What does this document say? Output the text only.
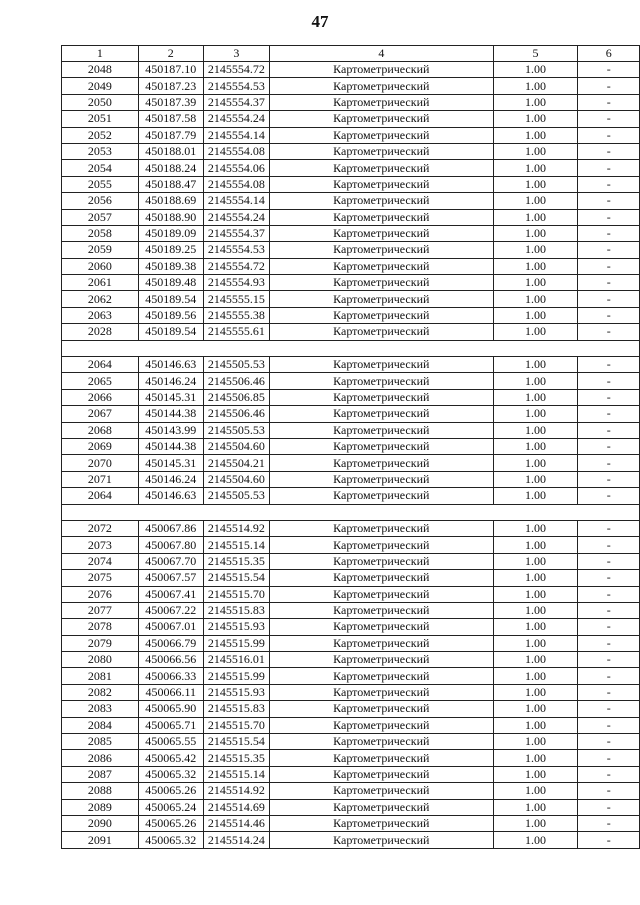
47
1	2	3	4	5	6
2048	450187.10	2145554.72	Картометрический	1.00	-
2049	450187.23	2145554.53	Картометрический	1.00	-
2050	450187.39	2145554.37	Картометрический	1.00	-
2051	450187.58	2145554.24	Картометрический	1.00	-
2052	450187.79	2145554.14	Картометрический	1.00	-
2053	450188.01	2145554.08	Картометрический	1.00	-
2054	450188.24	2145554.06	Картометрический	1.00	-
2055	450188.47	2145554.08	Картометрический	1.00	-
2056	450188.69	2145554.14	Картометрический	1.00	-
2057	450188.90	2145554.24	Картометрический	1.00	-
2058	450189.09	2145554.37	Картометрический	1.00	-
2059	450189.25	2145554.53	Картометрический	1.00	-
2060	450189.38	2145554.72	Картометрический	1.00	-
2061	450189.48	2145554.93	Картометрический	1.00	-
2062	450189.54	2145555.15	Картометрический	1.00	-
2063	450189.56	2145555.38	Картометрический	1.00	-
2028	450189.54	2145555.61	Картометрический	1.00	-

2064	450146.63	2145505.53	Картометрический	1.00	-
2065	450146.24	2145506.46	Картометрический	1.00	-
2066	450145.31	2145506.85	Картометрический	1.00	-
2067	450144.38	2145506.46	Картометрический	1.00	-
2068	450143.99	2145505.53	Картометрический	1.00	-
2069	450144.38	2145504.60	Картометрический	1.00	-
2070	450145.31	2145504.21	Картометрический	1.00	-
2071	450146.24	2145504.60	Картометрический	1.00	-
2064	450146.63	2145505.53	Картометрический	1.00	-

2072	450067.86	2145514.92	Картометрический	1.00	-
2073	450067.80	2145515.14	Картометрический	1.00	-
2074	450067.70	2145515.35	Картометрический	1.00	-
2075	450067.57	2145515.54	Картометрический	1.00	-
2076	450067.41	2145515.70	Картометрический	1.00	-
2077	450067.22	2145515.83	Картометрический	1.00	-
2078	450067.01	2145515.93	Картометрический	1.00	-
2079	450066.79	2145515.99	Картометрический	1.00	-
2080	450066.56	2145516.01	Картометрический	1.00	-
2081	450066.33	2145515.99	Картометрический	1.00	-
2082	450066.11	2145515.93	Картометрический	1.00	-
2083	450065.90	2145515.83	Картометрический	1.00	-
2084	450065.71	2145515.70	Картометрический	1.00	-
2085	450065.55	2145515.54	Картометрический	1.00	-
2086	450065.42	2145515.35	Картометрический	1.00	-
2087	450065.32	2145515.14	Картометрический	1.00	-
2088	450065.26	2145514.92	Картометрический	1.00	-
2089	450065.24	2145514.69	Картометрический	1.00	-
2090	450065.26	2145514.46	Картометрический	1.00	-
2091	450065.32	2145514.24	Картометрический	1.00	-
